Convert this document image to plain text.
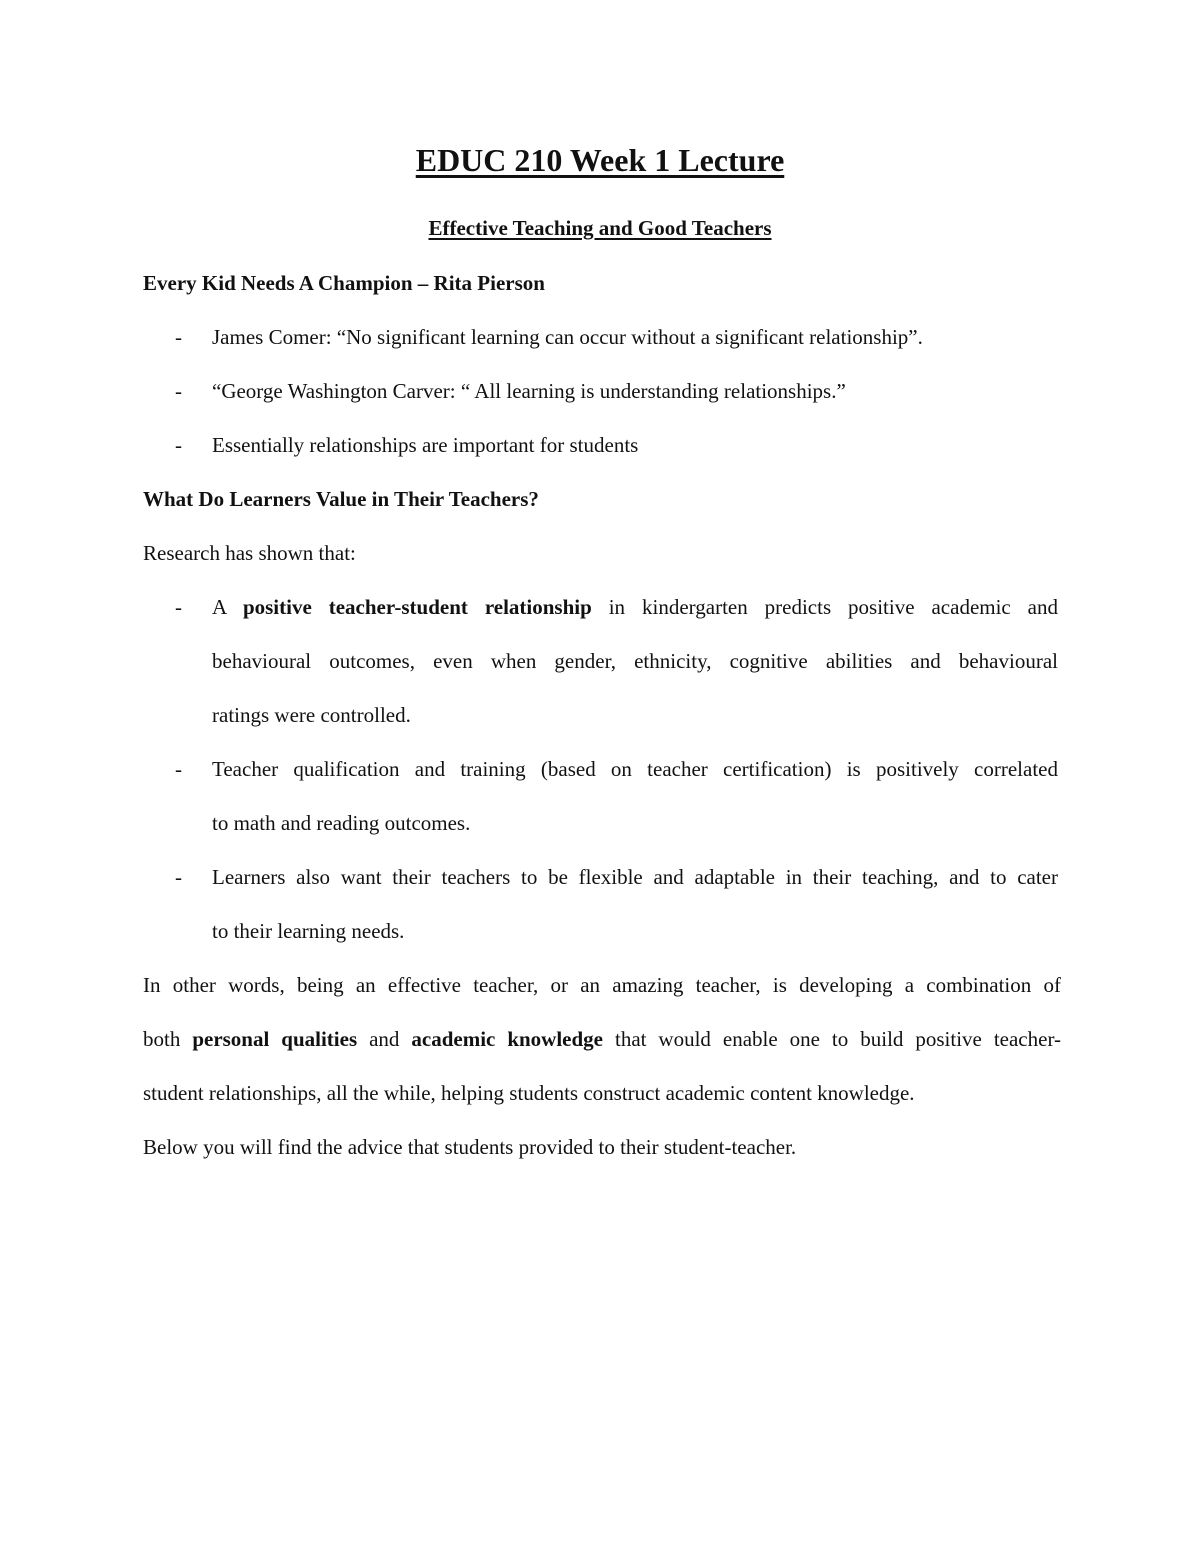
EDUC 210 Week 1 Lecture
Effective Teaching and Good Teachers
Every Kid Needs A Champion – Rita Pierson
- James Comer: “No significant learning can occur without a significant relationship”.
- “George Washington Carver: “ All learning is understanding relationships.”
- Essentially relationships are important for students
What Do Learners Value in Their Teachers?
Research has shown that:
- A positive teacher-student relationship in kindergarten predicts positive academic and
behavioural outcomes, even when gender, ethnicity, cognitive abilities and behavioural
ratings were controlled.
- Teacher qualification and training (based on teacher certification) is positively correlated
to math and reading outcomes.
- Learners also want their teachers to be flexible and adaptable in their teaching, and to cater
to their learning needs.
In other words, being an effective teacher, or an amazing teacher, is developing a combination of
both personal qualities and academic knowledge that would enable one to build positive teacher-
student relationships, all the while, helping students construct academic content knowledge.
Below you will find the advice that students provided to their student-teacher.
